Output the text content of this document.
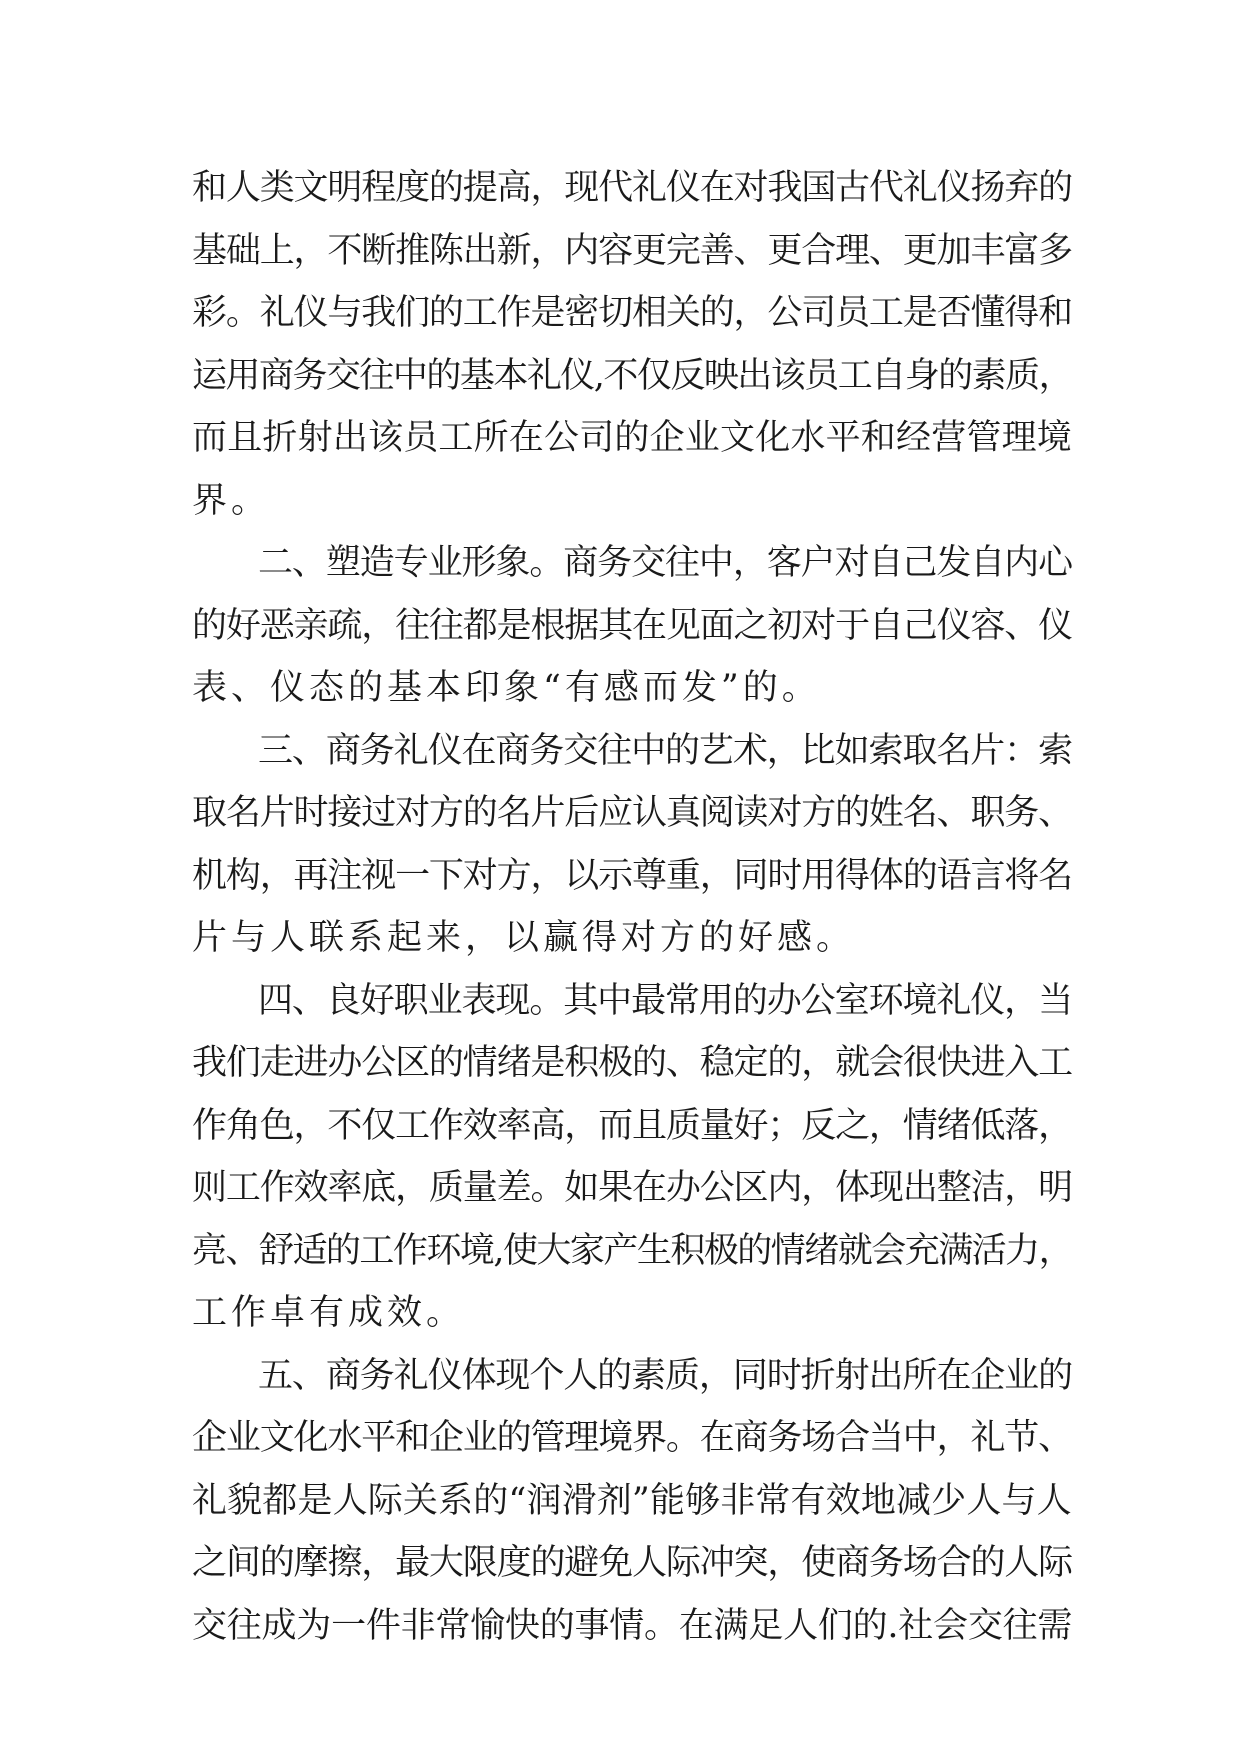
和人类文明程度的提高，现代礼仪在对我国古代礼仪扬弃的
基础上，不断推陈出新，内容更完善、更合理、更加丰富多
彩。礼仪与我们的工作是密切相关的，公司员工是否懂得和
运用商务交往中的基本礼仪,不仅反映出该员工自身的素质，
而且折射出该员工所在公司的企业文化水平和经营管理境
界。
二、塑造专业形象。商务交往中，客户对自己发自内心
的好恶亲疏，往往都是根据其在见面之初对于自己仪容、仪
表、仪态的基本印象“有感而发”的。
三、商务礼仪在商务交往中的艺术，比如索取名片：索
取名片时接过对方的名片后应认真阅读对方的姓名、职务、
机构，再注视一下对方，以示尊重，同时用得体的语言将名
片与人联系起来，以赢得对方的好感。
四、良好职业表现。其中最常用的办公室环境礼仪，当
我们走进办公区的情绪是积极的、稳定的，就会很快进入工
作角色，不仅工作效率高，而且质量好；反之，情绪低落，
则工作效率底，质量差。如果在办公区内，体现出整洁，明
亮、舒适的工作环境,使大家产生积极的情绪就会充满活力，
工作卓有成效。
五、商务礼仪体现个人的素质，同时折射出所在企业的
企业文化水平和企业的管理境界。在商务场合当中，礼节、
礼貌都是人际关系的“润滑剂”能够非常有效地减少人与人
之间的摩擦，最大限度的避免人际冲突，使商务场合的人际
交往成为一件非常愉快的事情。在满足人们的.社会交往需
